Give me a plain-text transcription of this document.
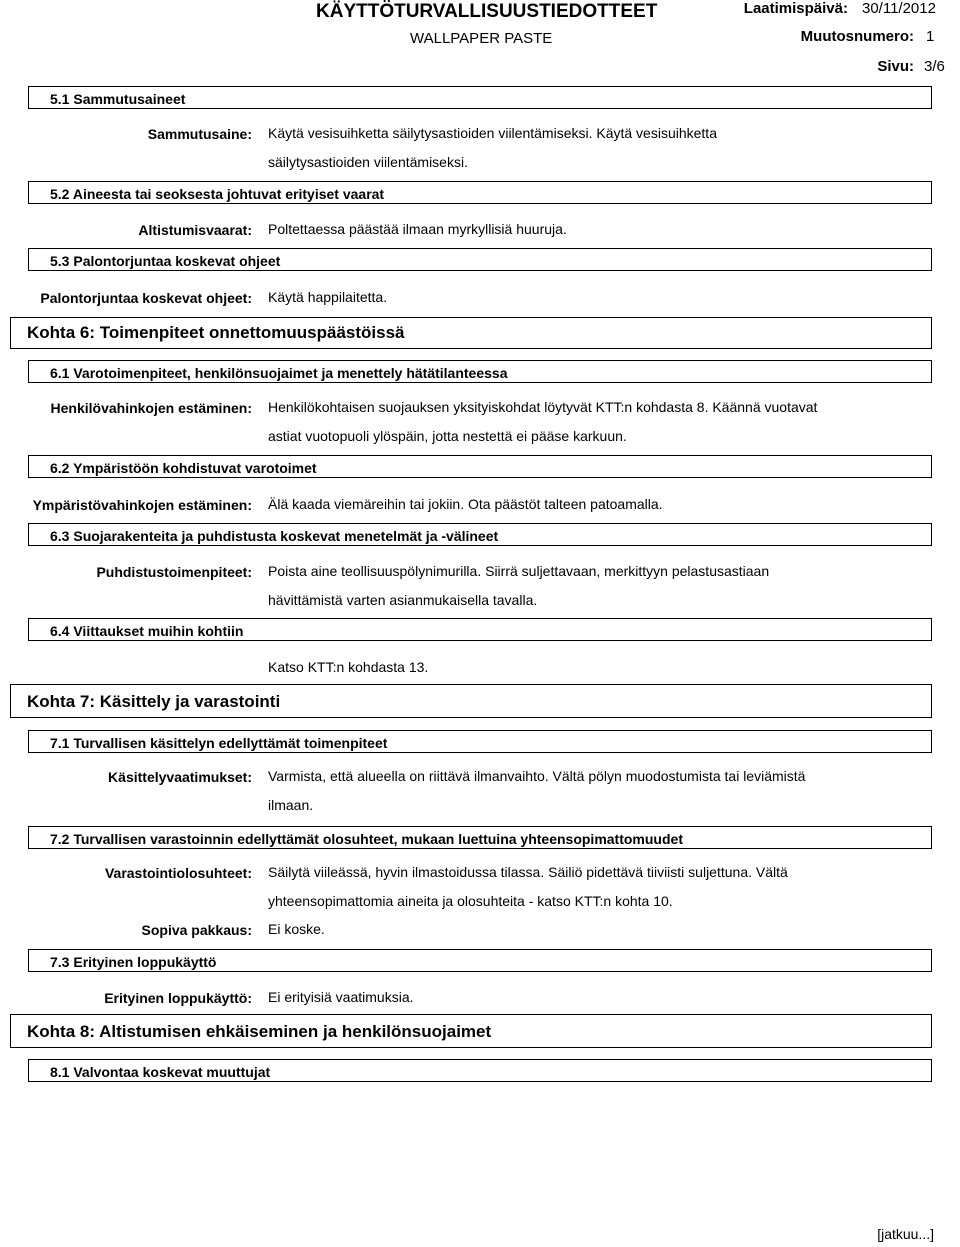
KÄYTTÖTURVALLISUUSTIEDOTTEET
WALLPAPER PASTE
Laatimispäivä: 30/11/2012
Muutosnumero: 1
Sivu: 3/6
5.1 Sammutusaineet
Sammutusaine: Käytä vesisuihketta säilytysastioiden viilentämiseksi. Käytä vesisuihketta
säilytysastioiden viilentämiseksi.
5.2 Aineesta tai seoksesta johtuvat erityiset vaarat
Altistumisvaarat: Poltettaessa päästää ilmaan myrkyllisiä huuruja.
5.3 Palontorjuntaa koskevat ohjeet
Palontorjuntaa koskevat ohjeet: Käytä happilaitetta.
Kohta 6: Toimenpiteet onnettomuuspäästöissä
6.1 Varotoimenpiteet, henkilönsuojaimet ja menettely hätätilanteessa
Henkilövahinkojen estäminen: Henkilökohtaisen suojauksen yksityiskohdat löytyvät KTT:n kohdasta 8. Käännä vuotavat
astiat vuotopuoli ylöspäin, jotta nestettä ei pääse karkuun.
6.2 Ympäristöön kohdistuvat varotoimet
Ympäristövahinkojen estäminen: Älä kaada viemäreihin tai jokiin. Ota päästöt talteen patoamalla.
6.3 Suojarakenteita ja puhdistusta koskevat menetelmät ja -välineet
Puhdistustoimenpiteet: Poista aine teollisuuspölynimurilla. Siirrä suljettavaan, merkittyyn pelastusastiaan
hävittämistä varten asianmukaisella tavalla.
6.4 Viittaukset muihin kohtiin
Katso KTT:n kohdasta 13.
Kohta 7: Käsittely ja varastointi
7.1 Turvallisen käsittelyn edellyttämät toimenpiteet
Käsittelyvaatimukset: Varmista, että alueella on riittävä ilmanvaihto. Vältä pölyn muodostumista tai leviämistä
ilmaan.
7.2 Turvallisen varastoinnin edellyttämät olosuhteet, mukaan luettuina yhteensopimattomuudet
Varastointiolosuhteet: Säilytä viileässä, hyvin ilmastoidussa tilassa. Säiliö pidettävä tiiviisti suljettuna. Vältä
yhteensopimattomia aineita ja olosuhteita - katso KTT:n kohta 10.
Sopiva pakkaus: Ei koske.
7.3 Erityinen loppukäyttö
Erityinen loppukäyttö: Ei erityisiä vaatimuksia.
Kohta 8: Altistumisen ehkäiseminen ja henkilönsuojaimet
8.1 Valvontaa koskevat muuttujat
[jatkuu...]
